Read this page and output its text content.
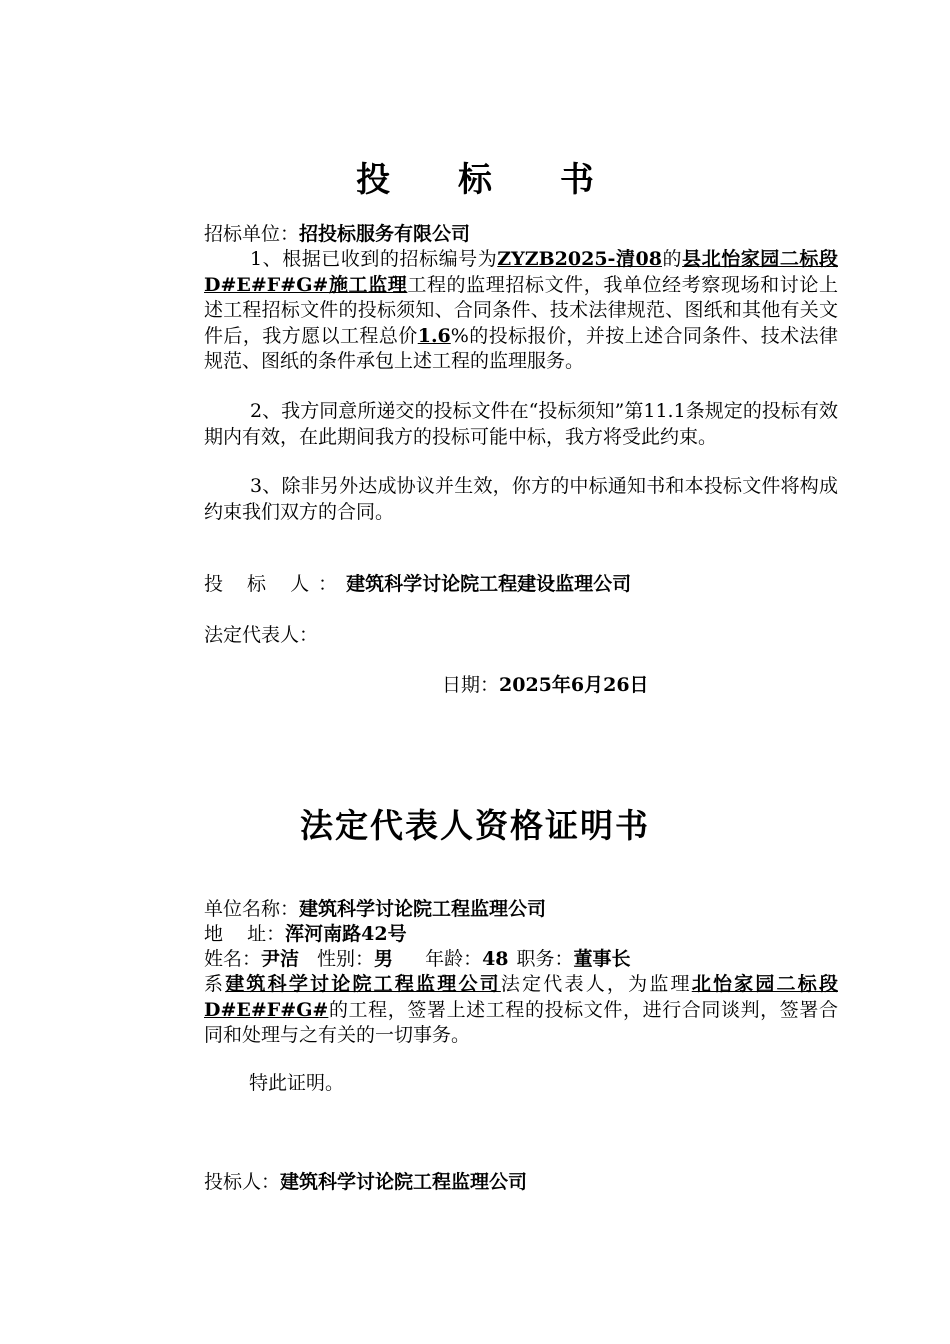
投 标 书
招标单位：招投标服务有限公司
1、根据已收到的招标编号为ZYZB2025-清08的县北怡家园二标段D#E#F#G#施工监理工程的监理招标文件，我单位经考察现场和讨论上述工程招标文件的投标须知、合同条件、技术法律规范、图纸和其他有关文件后，我方愿以工程总价1.6%的投标报价，并按上述合同条件、技术法律规范、图纸的条件承包上述工程的监理服务。
2、我方同意所递交的投标文件在“投标须知”第11.1条规定的投标有效期内有效，在此期间我方的投标可能中标，我方将受此约束。
3、除非另外达成协议并生效，你方的中标通知书和本投标文件将构成约束我们双方的合同。
投 标 人：建筑科学讨论院工程建设监理公司
法定代表人：
日期：2025年6月26日
法定代表人资格证明书
单位名称：建筑科学讨论院工程监理公司
地    址：浑河南路42号
姓名：尹洁 性别：男 年龄：48 职务：董事长
系建筑科学讨论院工程监理公司法定代表人，为监理北怡家园二标段D#E#F#G#的工程，签署上述工程的投标文件，进行合同谈判，签署合同和处理与之有关的一切事务。
特此证明。
投标人：建筑科学讨论院工程监理公司
